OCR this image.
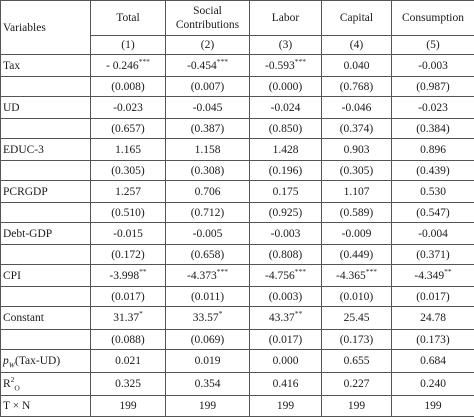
Variables	Total	Social Contributions	Labor	Capital	Consumption
	(1)	(2)	(3)	(4)	(5)
Tax	- 0.246***	-0.454***	-0.593***	0.040	-0.003
	(0.008)	(0.007)	(0.000)	(0.768)	(0.987)
UD	-0.023	-0.045	-0.024	-0.046	-0.023
	(0.657)	(0.387)	(0.850)	(0.374)	(0.384)
EDUC-3	1.165	1.158	1.428	0.903	0.896
	(0.305)	(0.308)	(0.196)	(0.305)	(0.439)
PCRGDP	1.257	0.706	0.175	1.107	0.530
	(0.510)	(0.712)	(0.925)	(0.589)	(0.547)
Debt-GDP	-0.015	-0.005	-0.003	-0.009	-0.004
	(0.172)	(0.658)	(0.808)	(0.449)	(0.371)
CPI	-3.998**	-4.373***	-4.756***	-4.365***	-4.349**
	(0.017)	(0.011)	(0.003)	(0.010)	(0.017)
Constant	31.37*	33.57*	43.37**	25.45	24.78
	(0.088)	(0.069)	(0.017)	(0.173)	(0.173)
$p_W(Tax-UD)$	0.021	0.019	0.000	0.655	0.684
$R^2_O$	0.325	0.354	0.416	0.227	0.240
T × N	199	199	199	199	199
